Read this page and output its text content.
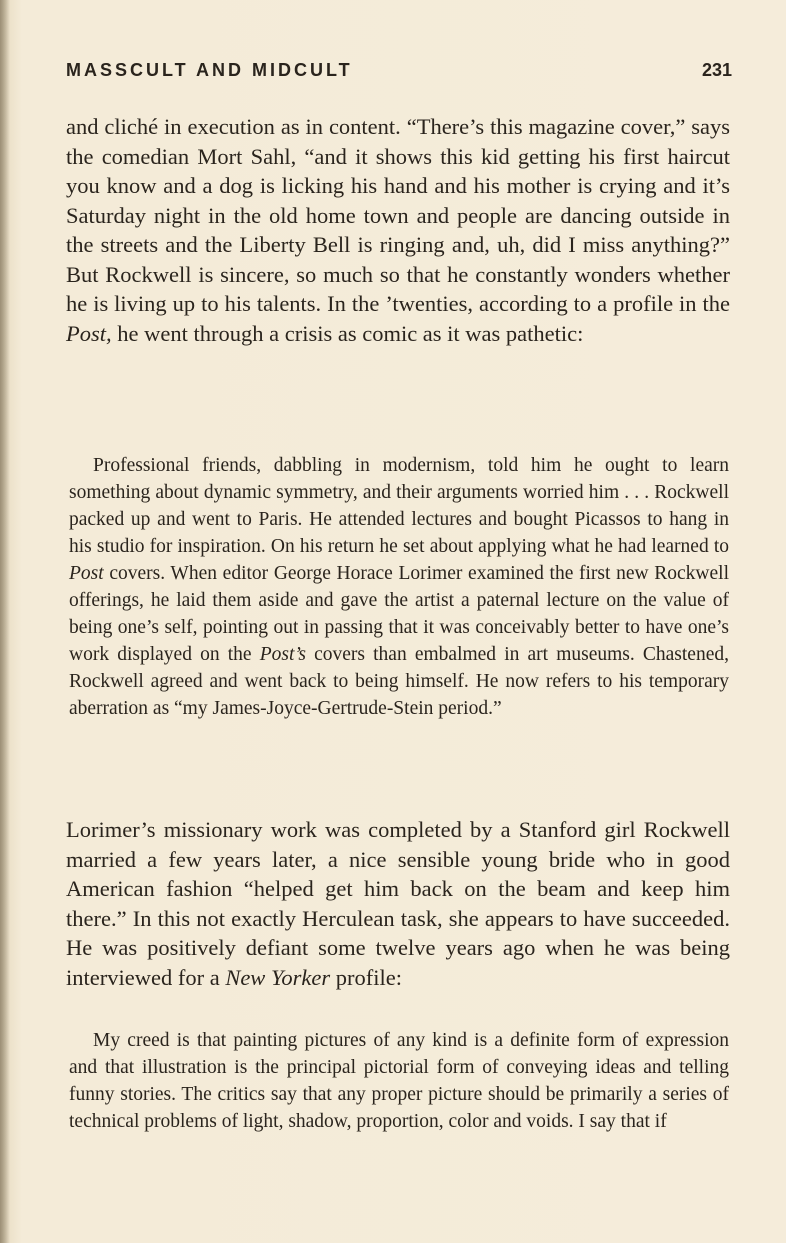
MASSCULT AND MIDCULT	231

and cliché in execution as in content. “There’s this magazine cover,” says the comedian Mort Sahl, “and it shows this kid getting his first haircut you know and a dog is licking his hand and his mother is crying and it’s Saturday night in the old home town and people are dancing outside in the streets and the Liberty Bell is ringing and, uh, did I miss anything?” But Rockwell is sincere, so much so that he constantly wonders whether he is living up to his talents. In the ’twenties, according to a profile in the Post, he went through a crisis as comic as it was pathetic:

Professional friends, dabbling in modernism, told him he ought to learn something about dynamic symmetry, and their arguments worried him . . . Rockwell packed up and went to Paris. He attended lectures and bought Picassos to hang in his studio for inspiration. On his return he set about applying what he had learned to Post covers. When editor George Horace Lorimer examined the first new Rockwell offerings, he laid them aside and gave the artist a paternal lecture on the value of being one’s self, pointing out in passing that it was conceivably better to have one’s work displayed on the Post’s covers than embalmed in art museums. Chastened, Rockwell agreed and went back to being himself. He now refers to his temporary aberration as “my James-Joyce-Gertrude-Stein period.”

Lorimer’s missionary work was completed by a Stanford girl Rockwell married a few years later, a nice sensible young bride who in good American fashion “helped get him back on the beam and keep him there.” In this not exactly Herculean task, she appears to have succeeded. He was positively defiant some twelve years ago when he was being interviewed for a New Yorker profile:

My creed is that painting pictures of any kind is a definite form of expression and that illustration is the principal pictorial form of conveying ideas and telling funny stories. The critics say that any proper picture should be primarily a series of technical problems of light, shadow, proportion, color and voids. I say that if
